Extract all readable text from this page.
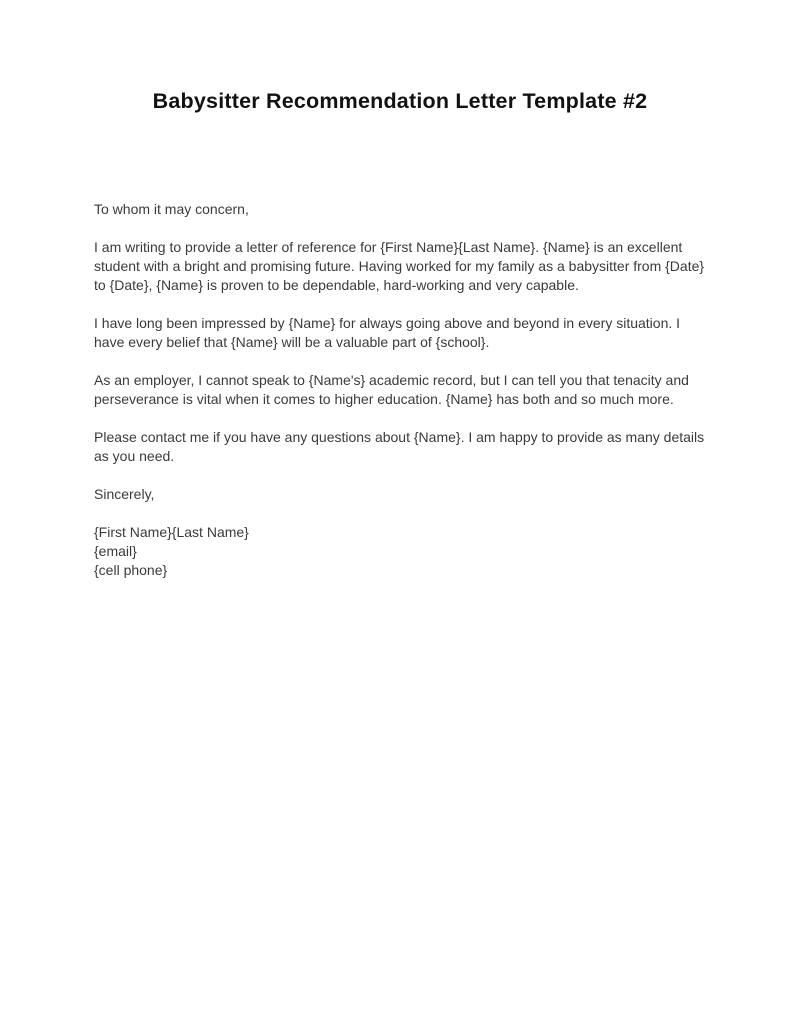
Babysitter Recommendation Letter Template #2

To whom it may concern,

I am writing to provide a letter of reference for {First Name}{Last Name}. {Name} is an excellent student with a bright and promising future. Having worked for my family as a babysitter from {Date} to {Date}, {Name} is proven to be dependable, hard-working and very capable.

I have long been impressed by {Name} for always going above and beyond in every situation. I have every belief that {Name} will be a valuable part of {school}.

As an employer, I cannot speak to {Name's} academic record, but I can tell you that tenacity and perseverance is vital when it comes to higher education. {Name} has both and so much more.

Please contact me if you have any questions about {Name}. I am happy to provide as many details as you need.

Sincerely,

{First Name}{Last Name}
{email}
{cell phone}
